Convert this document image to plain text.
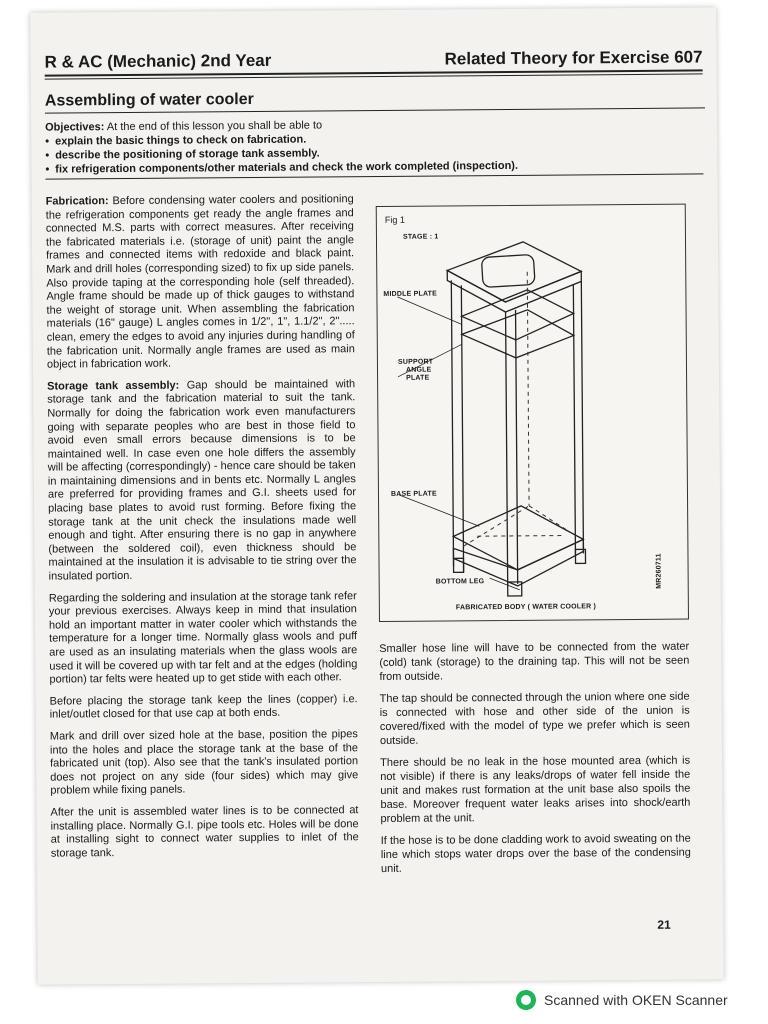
R & AC (Mechanic) 2nd Year	Related Theory for Exercise 607
Assembling of water cooler
Objectives: At the end of this lesson you shall be able to
• explain the basic things to check on fabrication.
• describe the positioning of storage tank assembly.
• fix refrigeration components/other materials and check the work completed (inspection).

Fabrication: Before condensing water coolers and positioning the refrigeration components get ready the angle frames and connected M.S. parts with correct measures. After receiving the fabricated materials i.e. (storage of unit) paint the angle frames and connected items with redoxide and black paint. Mark and drill holes (corresponding sized) to fix up side panels. Also provide taping at the corresponding hole (self threaded). Angle frame should be made up of thick gauges to withstand the weight of storage unit. When assembling the fabrication materials (16" gauge) L angles comes in 1/2", 1", 1.1/2", 2"..... clean, emery the edges to avoid any injuries during handling of the fabrication unit. Normally angle frames are used as main object in fabrication work.

Storage tank assembly: Gap should be maintained with storage tank and the fabrication material to suit the tank. Normally for doing the fabrication work even manufacturers going with separate peoples who are best in those field to avoid even small errors because dimensions is to be maintained well. In case even one hole differs the assembly will be affecting (correspondingly) - hence care should be taken in maintaining dimensions and in bents etc. Normally L angles are preferred for providing frames and G.I. sheets used for placing base plates to avoid rust forming. Before fixing the storage tank at the unit check the insulations made well enough and tight. After ensuring there is no gap in anywhere (between the soldered coil), even thickness should be maintained at the insulation it is advisable to tie string over the insulated portion.

Regarding the soldering and insulation at the storage tank refer your previous exercises. Always keep in mind that insulation hold an important matter in water cooler which withstands the temperature for a longer time. Normally glass wools and puff are used as an insulating materials when the glass wools are used it will be covered up with tar felt and at the edges (holding portion) tar felts were heated up to get stide with each other.

Before placing the storage tank keep the lines (copper) i.e. inlet/outlet closed for that use cap at both ends.

Mark and drill over sized hole at the base, position the pipes into the holes and place the storage tank at the base of the fabricated unit (top). Also see that the tank's insulated portion does not project on any side (four sides) which may give problem while fixing panels.

After the unit is assembled water lines is to be connected at installing place. Normally G.I. pipe tools etc. Holes will be done at installing sight to connect water supplies to inlet of the storage tank.

Fig 1
STAGE : 1
MIDDLE PLATE
SUPPORT
ANGLE
PLATE
BASE PLATE
BOTTOM LEG
FABRICATED BODY ( WATER COOLER )
MR260711

Smaller hose line will have to be connected from the water (cold) tank (storage) to the draining tap. This will not be seen from outside.

The tap should be connected through the union where one side is connected with hose and other side of the union is covered/fixed with the model of type we prefer which is seen outside.

There should be no leak in the hose mounted area (which is not visible) if there is any leaks/drops of water fell inside the unit and makes rust formation at the unit base also spoils the base. Moreover frequent water leaks arises into shock/earth problem at the unit.

If the hose is to be done cladding work to avoid sweating on the line which stops water drops over the base of the condensing unit.

21
Scanned with OKEN Scanner
